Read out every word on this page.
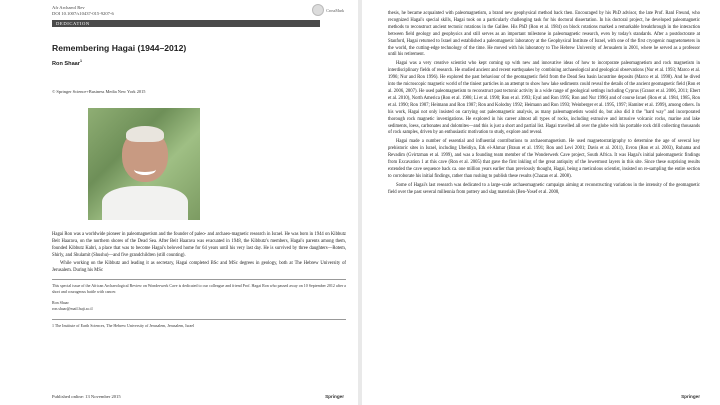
Afr Archaeol Rev
DOI 10.1007/s10437-015-9207-6
CrossMark
DEDICATION
Remembering Hagai (1944–2012)
Ron Shaar$^1$
© Springer Science+Business Media New York 2015

Hagai Ron was a worldwide pioneer in paleomagnetism and the founder of paleo- and archaeo-magnetic research in Israel. He was born in 1944 on Kibbutz Beit Haarava, on the northern shores of the Dead Sea. After Beit Haarava was evacuated in 1948, the Kibbutz's members, Hagai's parents among them, founded Kibbutz Kabri, a place that was to become Hagai's beloved home for 64 years until his very last day. He is survived by three daughters—Rotem, Shirly, and Shulamit (Shushu)—and five grandchildren (still counting).

While working on the Kibbutz and leading it as secretary, Hagai completed BSc and MSc degrees in geology, both at The Hebrew University of Jerusalem. During his MSc

This special issue of the African Archaeological Review on Wonderwerk Cave is dedicated to our colleague and friend Prof. Hagai Ron who passed away on 10 September 2012 after a short and courageous battle with cancer.
Ron Shaar
ron.shaar@mail.huji.ac.il
1 The Institute of Earth Sciences, The Hebrew University of Jerusalem, Jerusalem, Israel
Published online: 13 November 2015	Springer

thesis, he became acquainted with paleomagnetism, a brand new geophysical method back then. Encouraged by his PhD advisor, the late Prof. Ranl Freund, who recognized Hagai's special skills, Hagai took on a particularly challenging task for his doctoral dissertation. In his doctoral project, he developed paleomagnetic methods to reconstruct ancient tectonic rotations in the Galilee. His PhD (Ron et al. 1984) on block rotations marked a remarkable breakthrough in the interaction between field geology and geophysics and still serves as an important milestone in paleomagnetic research, even by today's standards. After a postdoctorate at Stanford, Hagai returned to Israel and established a paleomagnetic laboratory at the Geophysical Institute of Israel, with one of the first cryogenic magnetometers in the world, the cutting-edge technology of the time. He moved with his laboratory to The Hebrew University of Jerusalem in 2001, where he served as a professor until his retirement.

Hagai was a very creative scientist who kept coming up with new and innovative ideas of how to incorporate paleomagnetism and rock magnetism in interdisciplinary fields of research. He studied ancient and recent earthquakes by combining archaeological and geological observations (Nur et al. 1993; Marco et al. 1996; Nur and Ron 1996). He explored the past behaviour of the geomagnetic field from the Dead Sea basin lacustrine deposits (Marco et al. 1998). And he dived into the microscopic magnetic world of the tiniest particles in an attempt to show how lake sediments could reveal the details of the ancient geomagnetic field (Ron et al. 2006, 2007). He used paleomagnetism to reconstruct past tectonic activity in a wide range of geological settings including Cyprus (Granot et al. 2006, 2011; Ebert et al. 2010), North America (Ron et al. 1986; Li et al. 1990; Ron et al. 1993; Eyal and Ron 1995; Ron and Nur 1996) and of course Israel (Ron et al. 1984, 1985, Ron et al. 1990; Ron 1987; Heimann and Ron 1987; Ron and Kolodny 1992; Heimann and Ron 1993; Weinberger et al. 1995, 1997; Hamiter et al. 1999), among others. In his work, Hagai not only insisted on carrying out paleomagnetic analysis, as many paleomagnetists would do, but also did it the "hard way" and incorporated thorough rock magnetic investigations. He explored in his career almost all types of rocks, including extrusive and intrusive volcanic rocks, marine and lake sediments, loess, carbonates and dolomites—and this is just a short and partial list. Hagai travelled all over the globe with his portable rock drill collecting thousands of rock samples, driven by an enthusiastic motivation to study, explore and reveal.

Hagai made a number of essential and influential contributions to archaeomagnetism. He used magnetostratigraphy to determine the age of several key prehistoric sites in Israel, including Ubeidiya, Erk el-Ahmar (Braun et al. 1991; Ron and Levi 2001; Davis et al. 2011), Evron (Ron et al. 2003), Ruhama and Revadim (Gvirtzman et al. 1999), and was a founding team member of the Wonderwerk Cave project, South Africa. It was Hagai's initial paleomagnetic findings from Excavation 1 at this cave (Ron et al. 2005) that gave the first inkling of the great antiquity of the lowermost layers in this site. Since these surprising results extended the cave sequence back ca. one million years earlier than previously thought, Hagai, being a meticulous scientist, insisted on re-sampling the entire section to corroborate his initial findings, rather than rushing to publish these results (Chazan et al. 2008).

Some of Hagai's last research was dedicated to a large-scale archaeomagnetic campaign aiming at reconstructing variations in the intensity of the geomagnetic field over the past several millennia from pottery and slag materials (Ben-Yosef et al. 2008,

Springer
